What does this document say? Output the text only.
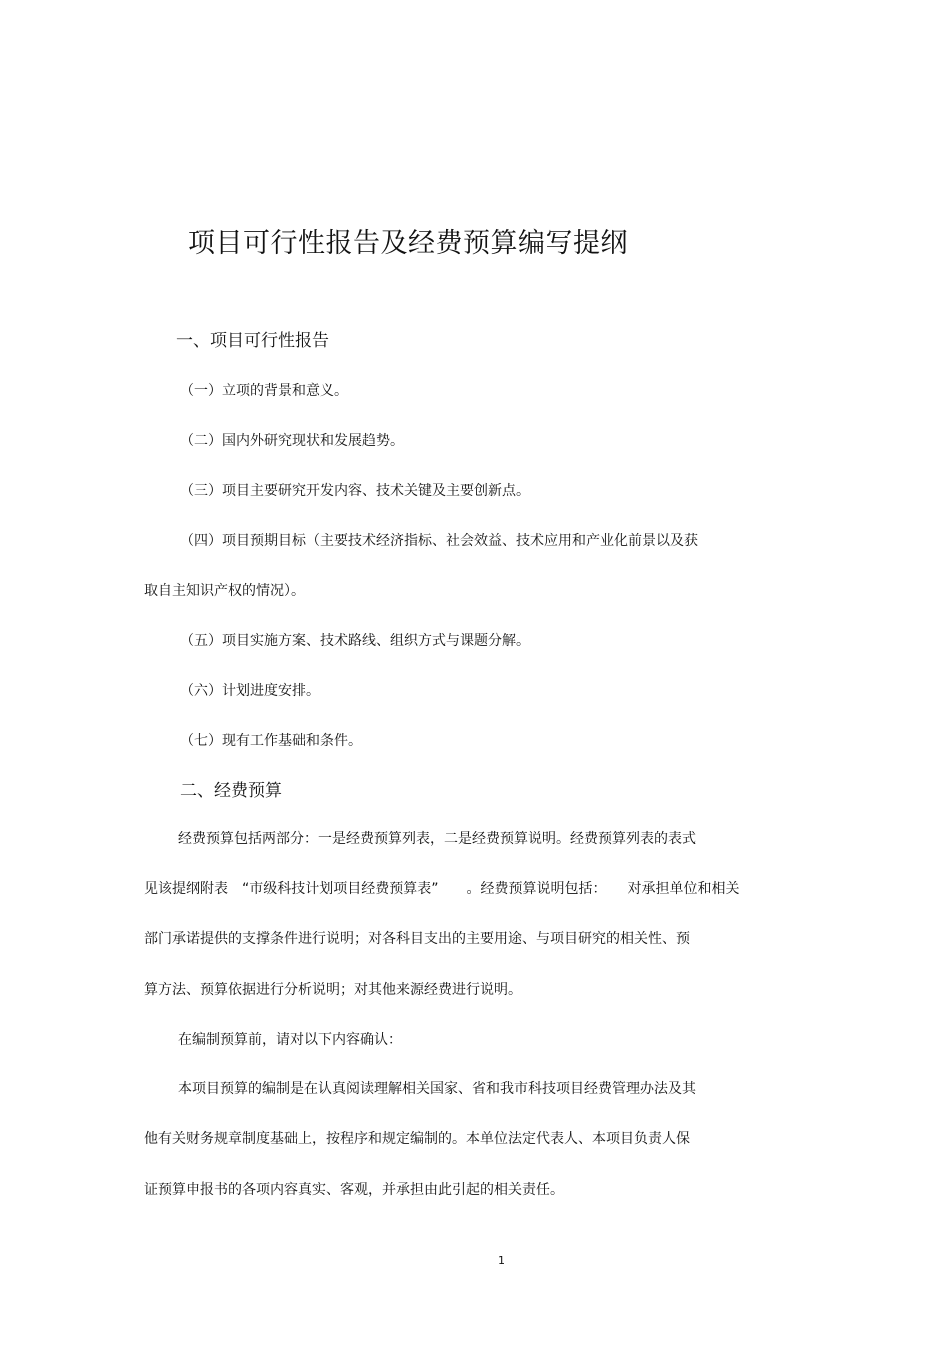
项目可行性报告及经费预算编写提纲
一、项目可行性报告
（一）立项的背景和意义。
（二）国内外研究现状和发展趋势。
（三）项目主要研究开发内容、技术关键及主要创新点。
（四）项目预期目标（主要技术经济指标、社会效益、技术应用和产业化前景以及获
取自主知识产权的情况）。
（五）项目实施方案、技术路线、组织方式与课题分解。
（六）计划进度安排。
（七）现有工作基础和条件。
二、经费预算
经费预算包括两部分：一是经费预算列表，二是经费预算说明。经费预算列表的表式
见该提纲附表　“市级科技计划项目经费预算表”　　。经费预算说明包括：　　对承担单位和相关
部门承诺提供的支撑条件进行说明；对各科目支出的主要用途、与项目研究的相关性、预
算方法、预算依据进行分析说明；对其他来源经费进行说明。
在编制预算前，请对以下内容确认：
本项目预算的编制是在认真阅读理解相关国家、省和我市科技项目经费管理办法及其
他有关财务规章制度基础上，按程序和规定编制的。本单位法定代表人、本项目负责人保
证预算申报书的各项内容真实、客观，并承担由此引起的相关责任。
1
